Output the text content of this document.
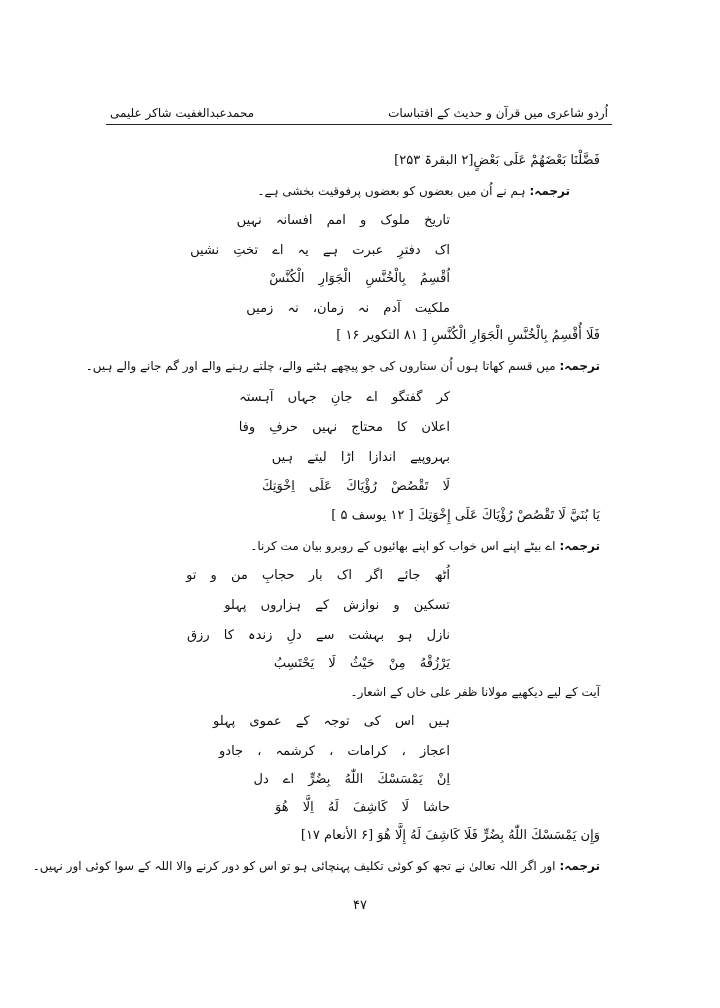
محمدعبدالغفیت شاکر علیمی	اُردو شاعری میں قرآن و حدیث کے اقتباسات
فَضَّلْنَا بَعْضَهُمْ عَلَى بَعْضٍ[۲ البقرۃ ۲۵۳]
ترجمہ:ہم نے اُن میں بعضوں کو بعضوں پرفوقیت بخشی ہے۔
تاریخ ملوک و امم افسانہ نہیں
اک دفترِ عبرت ہے یہ اے تختِ نشیں
اُقْسِمُ بِالْخُنَّسِ الْجَوَارِ الْكُنَّسْ
ملکیت آدم نہ زمان، نہ زمیں
فَلَا أُقْسِمُ بِالْخُنَّسِ الْجَوَارِ الْكُنَّسِ [ ۸۱ التکویر ۱۶ ]
ترجمہ:میں قسم کھاتا ہوں اُن ستاروں کی جو پیچھے ہٹنے والے، چلتے رہنے والے اور گم جانے والے ہیں۔
کر گفتگو اے جانِ جہاں آہستہ
اعلان کا محتاج نہیں حرفِ وفا
بہروپیے اندازا اڑا لیتے ہیں
لَا تَقْصُصْ رُؤْيَاكَ عَلَى اِخْوَتِكَ
يَا بُنَيَّ لَا تَقْصُصْ رُؤْيَاكَ عَلَى إِخْوَتِكَ [ ۱۲ یوسف ۵ ]
ترجمہ:اے بیٹے اپنے اس خواب کو اپنے بھائیوں کے روبرو بیان مت کرنا۔
اُٹھ جائے اگر اک بار حجابِ من و تو
تسکین و نوازش کے ہزاروں پہلو
نازل ہو بہشت سے دلِ زندہ کا رزق
يَرْزُقْهُ مِنْ حَيْثُ لَا يَحْتَسِبُ
آیت کے لیے دیکھیے مولانا ظفر علی خاں کے اشعار۔
ہیں اس کی توجہ کے عموی پہلو
اعجاز ، کرامات ، کرشمہ ، جادو
اِنْ يَمْسَسْكَ اللّٰهُ بِضُرٍّ اے دل
حاشا لَا كَاشِفَ لَهُ اِلَّا هُوَ
وَإِن يَمْسَسْكَ اللّٰهُ بِضُرٍّ فَلَا كَاشِفَ لَهُ إِلَّا هُوَ [۶ الأنعام ۱۷]
ترجمہ:اور اگر اللہ تعالیٰ نے تجھ کو کوئی تکلیف پہنچائی ہو تو اس کو دور کرنے والا اللہ کے سوا کوئی اور نہیں۔
۴۷
